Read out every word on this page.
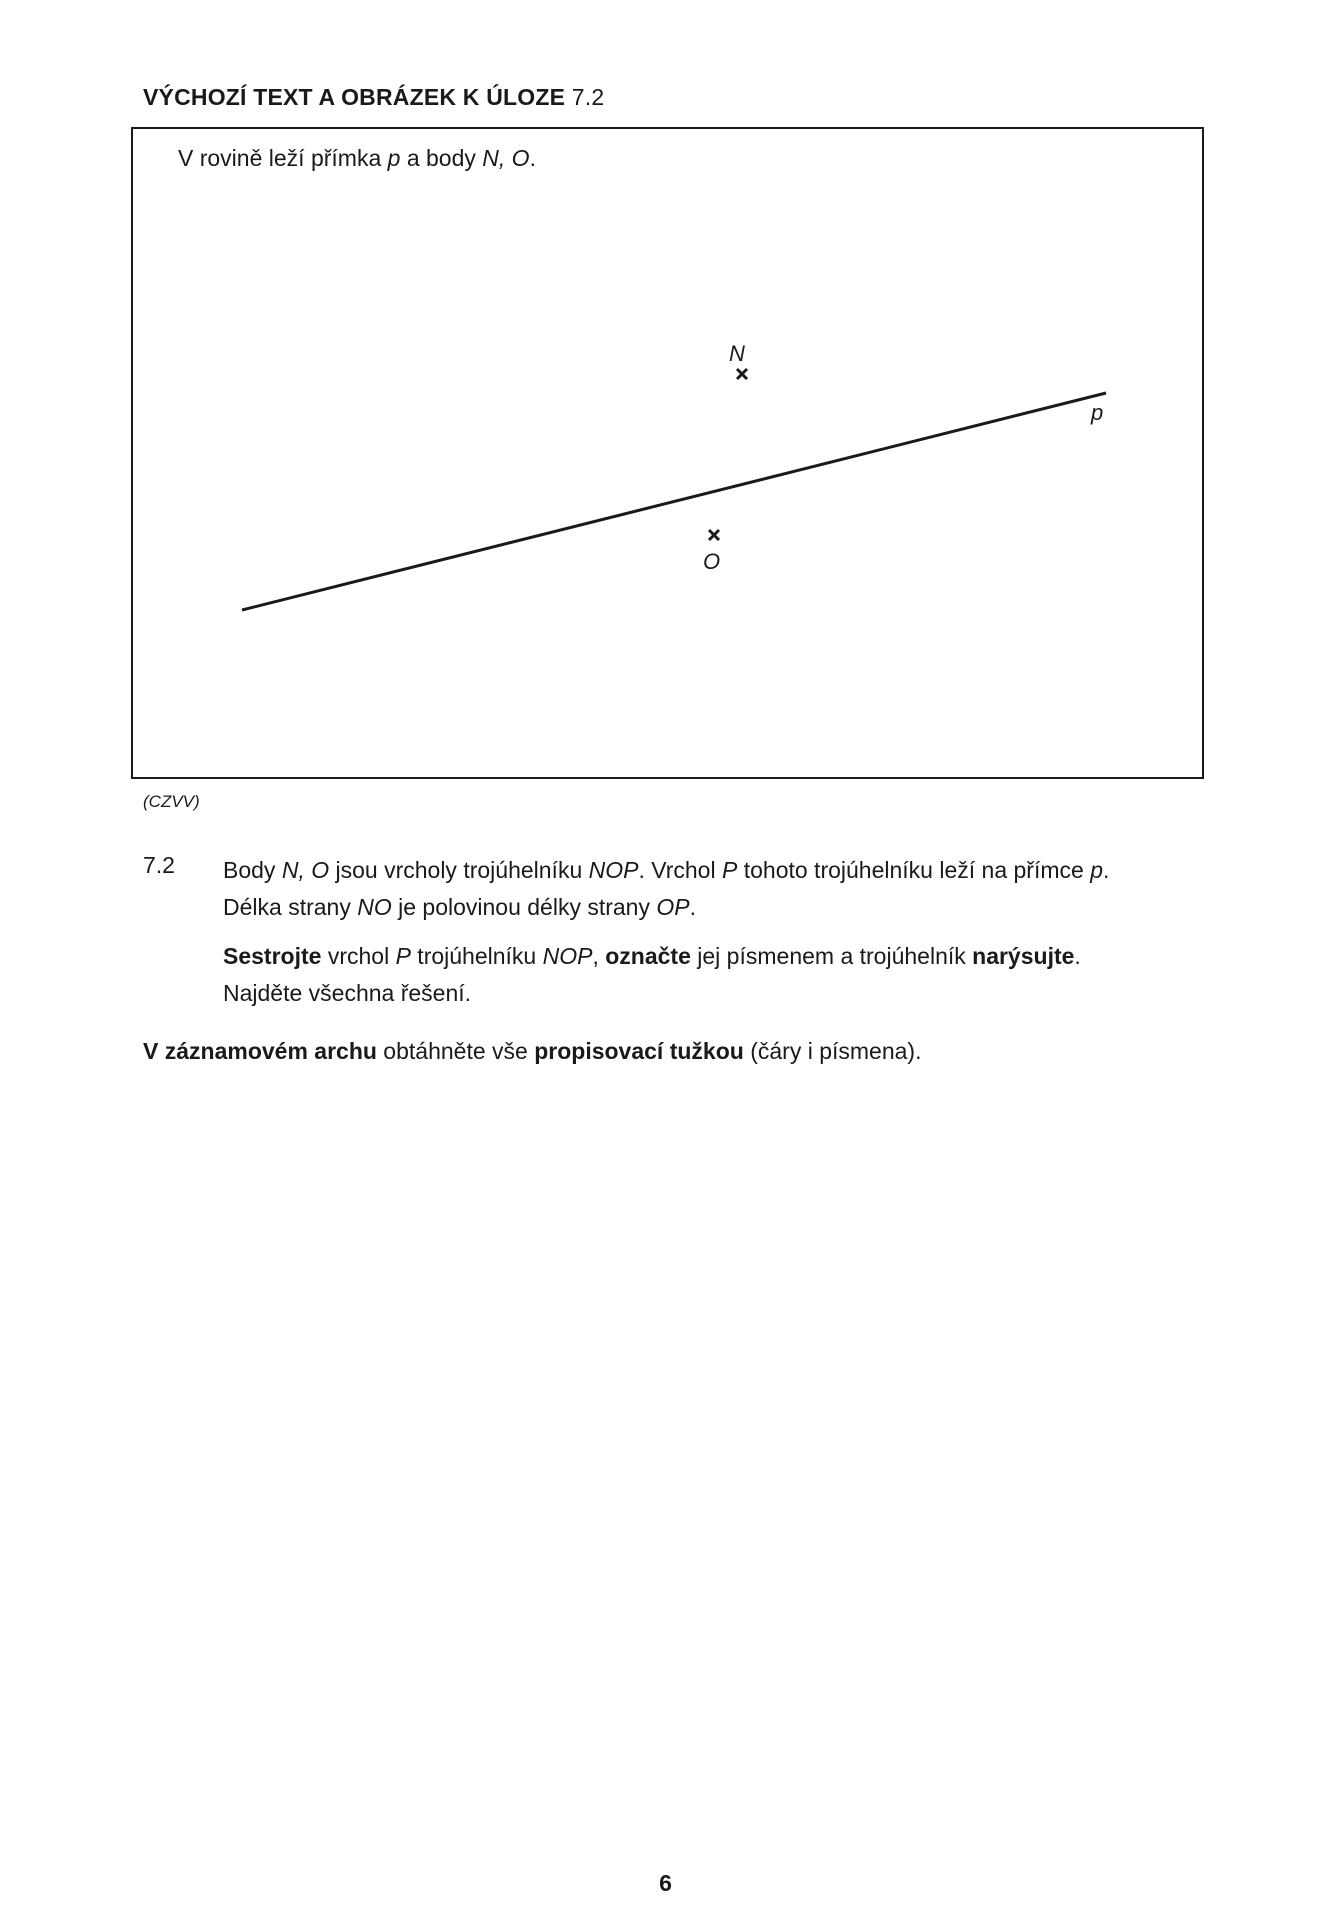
VÝCHOZÍ TEXT A OBRÁZEK K ÚLOZE 7.2
V rovině leží přímka p a body N, O.
N
O
p
(CZVV)
7.2 Body N, O jsou vrcholy trojúhelníku NOP. Vrchol P tohoto trojúhelníku leží na přímce p.
Délka strany NO je polovinou délky strany OP.

Sestrojte vrchol P trojúhelníku NOP, označte jej písmenem a trojúhelník narýsujte.
Najděte všechna řešení.

V záznamovém archu obtáhněte vše propisovací tužkou (čáry i písmena).
6
